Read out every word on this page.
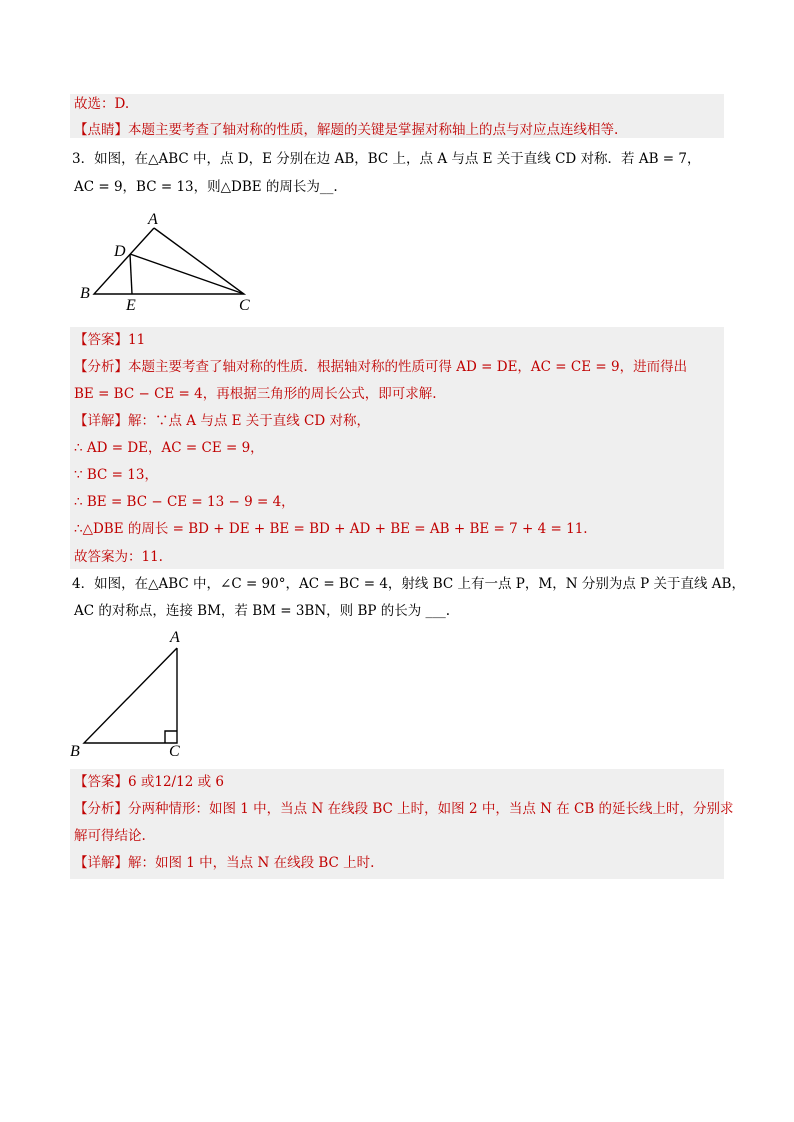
故选：D.
【点睛】本题主要考查了轴对称的性质，解题的关键是掌握对称轴上的点与对应点连线相等.
3．如图，在△ABC 中，点 D，E 分别在边 AB，BC 上，点 A 与点 E 关于直线 CD 对称．若 AB = 7，
AC = 9，BC = 13，则△DBE 的周长为__.
A
D
B
E	C
【答案】11
【分析】本题主要考查了轴对称的性质．根据轴对称的性质可得 AD = DE，AC = CE = 9，进而得出
BE = BC − CE = 4，再根据三角形的周长公式，即可求解.
【详解】解：∵点 A 与点 E 关于直线 CD 对称，
∴ AD = DE，AC = CE = 9，
∵ BC = 13，
∴ BE = BC − CE = 13 − 9 = 4，
∴△DBE 的周长 = BD + DE + BE = BD + AD + BE = AB + BE = 7 + 4 = 11.
故答案为：11.
4．如图，在△ABC 中，∠C = 90°，AC = BC = 4，射线 BC 上有一点 P，M，N 分别为点 P 关于直线 AB，
AC 的对称点，连接 BM，若 BM = 3BN，则 BP 的长为 ___.
A
B	C
【答案】6 或12/12 或 6
【分析】分两种情形：如图 1 中，当点 N 在线段 BC 上时，如图 2 中，当点 N 在 CB 的延长线上时，分别求
解可得结论.
【详解】解：如图 1 中，当点 N 在线段 BC 上时.
